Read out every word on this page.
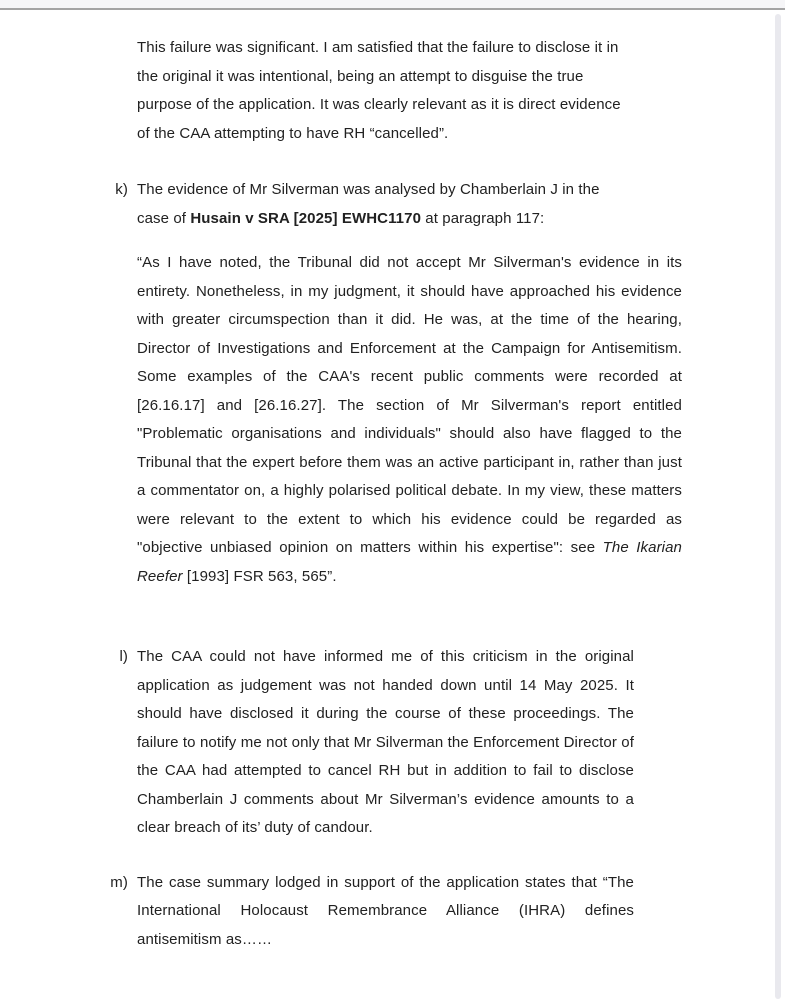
This failure was significant. I am satisfied that the failure to disclose it in the original it was intentional, being an attempt to disguise the true purpose of the application. It was clearly relevant as it is direct evidence of the CAA attempting to have RH “cancelled”.

k) The evidence of Mr Silverman was analysed by Chamberlain J in the case of Husain v SRA [2025] EWHC1170 at paragraph 117:

“As I have noted, the Tribunal did not accept Mr Silverman's evidence in its entirety. Nonetheless, in my judgment, it should have approached his evidence with greater circumspection than it did. He was, at the time of the hearing, Director of Investigations and Enforcement at the Campaign for Antisemitism. Some examples of the CAA's recent public comments were recorded at [26.16.17] and [26.16.27]. The section of Mr Silverman's report entitled "Problematic organisations and individuals" should also have flagged to the Tribunal that the expert before them was an active participant in, rather than just a commentator on, a highly polarised political debate. In my view, these matters were relevant to the extent to which his evidence could be regarded as "objective unbiased opinion on matters within his expertise": see The Ikarian Reefer [1993] FSR 563, 565”.

l) The CAA could not have informed me of this criticism in the original application as judgement was not handed down until 14 May 2025. It should have disclosed it during the course of these proceedings. The failure to notify me not only that Mr Silverman the Enforcement Director of the CAA had attempted to cancel RH but in addition to fail to disclose Chamberlain J comments about Mr Silverman’s evidence amounts to a clear breach of its’ duty of candour.

m) The case summary lodged in support of the application states that “The International Holocaust Remembrance Alliance (IHRA) defines antisemitism as……
